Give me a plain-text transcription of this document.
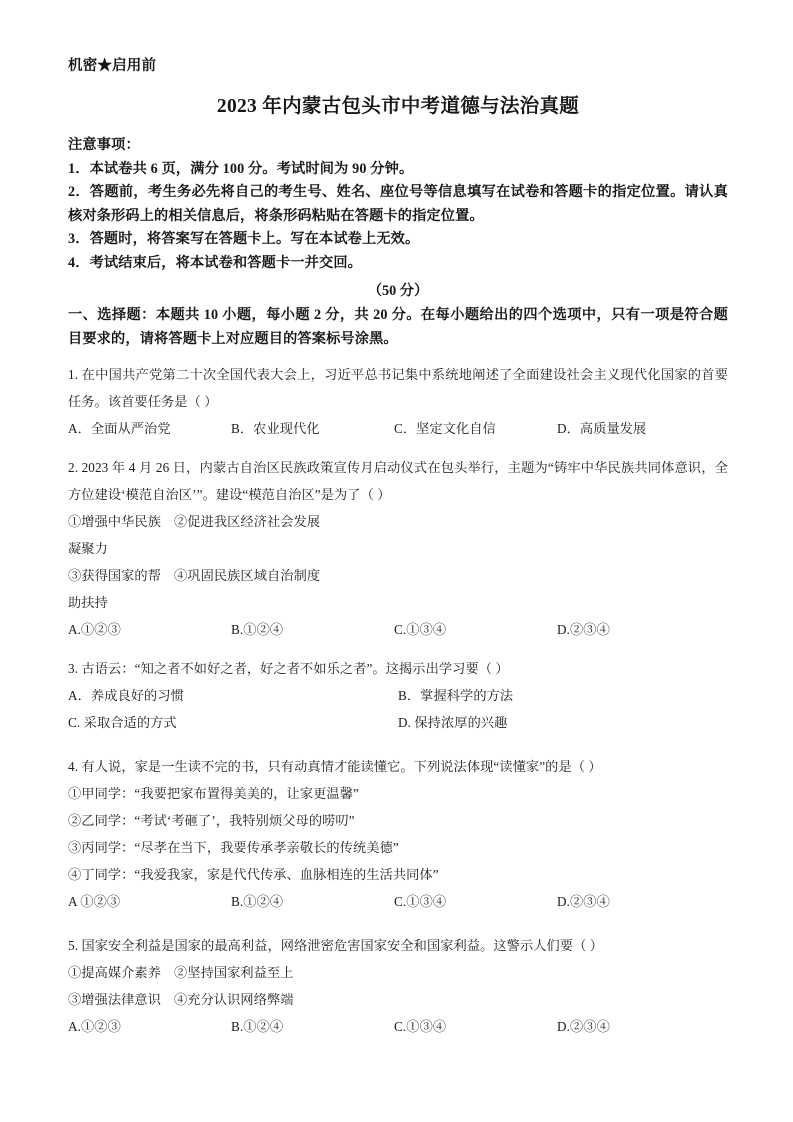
机密★启用前

2023 年内蒙古包头市中考道德与法治真题

注意事项：

1．本试卷共 6 页，满分 100 分。考试时间为 90 分钟。

2．答题前，考生务必先将自己的考生号、姓名、座位号等信息填写在试卷和答题卡的指定位置。请认真核对条形码上的相关信息后，将条形码粘贴在答题卡的指定位置。

3．答题时，将答案写在答题卡上。写在本试卷上无效。

4．考试结束后，将本试卷和答题卡一并交回。

（50 分）

一、选择题：本题共 10 小题，每小题 2 分，共 20 分。在每小题给出的四个选项中，只有一项是符合题目要求的，请将答题卡上对应题目的答案标号涂黑。

1. 在中国共产党第二十次全国代表大会上，习近平总书记集中系统地阐述了全面建设社会主义现代化国家的首要任务。该首要任务是（ ）

A．全面从严治党	B．农业现代化	C．坚定文化自信	D．高质量发展

2. 2023 年 4 月 26 日，内蒙古自治区民族政策宣传月启动仪式在包头举行，主题为“铸牢中华民族共同体意识，全方位建设‘模范自治区’”。建设“模范自治区”是为了（ ）

①增强中华民族凝聚力
②促进我区经济社会发展
③获得国家的帮助扶持
④巩固民族区域自治制度
A.①②③	B.①②④	C.①③④	D.②③④

3. 古语云：“知之者不如好之者，好之者不如乐之者”。这揭示出学习要（ ）

A．养成良好的习惯	B．掌握科学的方法
C. 采取合适的方式	D. 保持浓厚的兴趣

4. 有人说，家是一生读不完的书，只有动真情才能读懂它。下列说法体现“读懂家”的是（ ）

①甲同学：“我要把家布置得美美的，让家更温馨”

②乙同学：“考试‘考砸了’，我特别烦父母的唠叨”

③丙同学：“尽孝在当下，我要传承孝亲敬长的传统美德”

④丁同学：“我爱我家，家是代代传承、血脉相连的生活共同体”

A ①②③	B.①②④	C.①③④	D.②③④

5. 国家安全利益是国家的最高利益，网络泄密危害国家安全和国家利益。这警示人们要（ ）

①提高媒介素养 ②坚持国家利益至上
③增强法律意识 ④充分认识网络弊端
A.①②③	B.①②④	C.①③④	D.②③④
